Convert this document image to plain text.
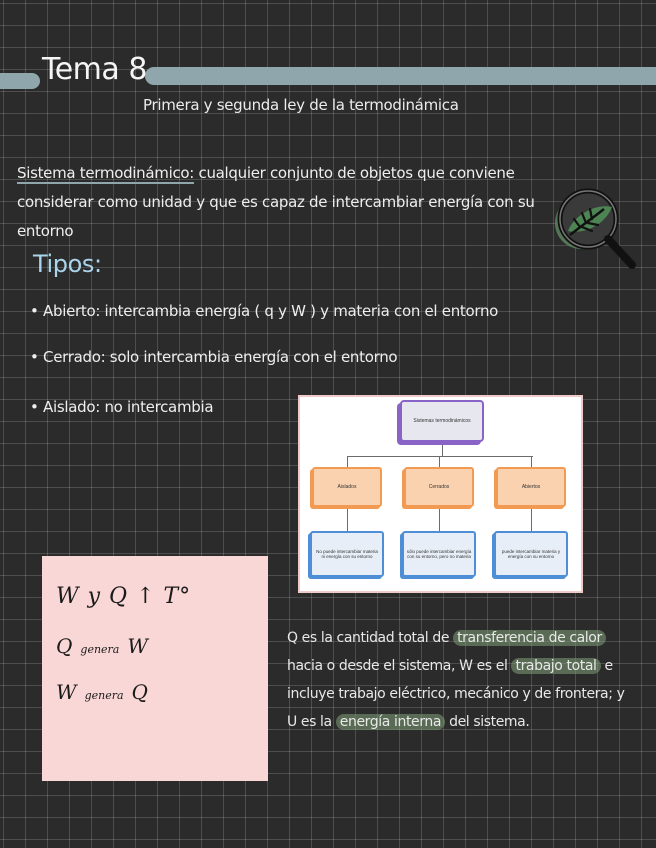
Tema 8
Primera y segunda ley de la termodinámica
Sistema termodinámico: cualquier conjunto de objetos que conviene considerar como unidad y que es capaz de intercambiar energía con su entorno
Tipos:
• Abierto: intercambia energía ( q y W ) y materia con el entorno
• Cerrado: solo intercambia energía con el entorno
• Aislado: no intercambia
Sistemas termodinámicos
Aislados	Cerrados	Abiertos
No puede intercambiar materia ni energía con su entorno
sólo puede intercambiar energía con su entorno, pero no materia
puede intercambiar materia y energía con su entorno
W y Q ↑ T°
Qgenera W
Wgenera Q
Q es la cantidad total de transferencia de calor hacia o desde el sistema, W es el trabajo total e incluye trabajo eléctrico, mecánico y de frontera; y U es la energía interna del sistema.
